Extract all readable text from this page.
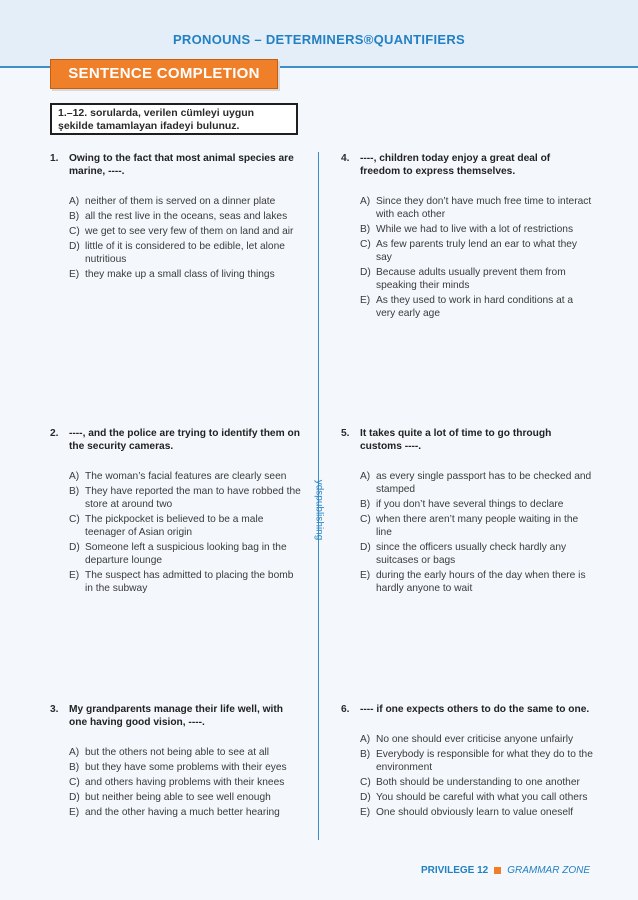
PRONOUNS – DETERMINERS®QUANTIFIERS
SENTENCE COMPLETION
1.–12. sorularda, verilen cümleyi uygun şekilde tamamlayan ifadeyi bulunuz.
ydspublishing
1. Owing to the fact that most animal species are marine, ----.
A) neither of them is served on a dinner plate
B) all the rest live in the oceans, seas and lakes
C) we get to see very few of them on land and air
D) little of it is considered to be edible, let alone nutritious
E) they make up a small class of living things
2. ----, and the police are trying to identify them on the security cameras.
A) The woman’s facial features are clearly seen
B) They have reported the man to have robbed the store at around two
C) The pickpocket is believed to be a male teenager of Asian origin
D) Someone left a suspicious looking bag in the departure lounge
E) The suspect has admitted to placing the bomb in the subway
3. My grandparents manage their life well, with one having good vision, ----.
A) but the others not being able to see at all
B) but they have some problems with their eyes
C) and others having problems with their knees
D) but neither being able to see well enough
E) and the other having a much better hearing
4. ----, children today enjoy a great deal of freedom to express themselves.
A) Since they don’t have much free time to interact with each other
B) While we had to live with a lot of restrictions
C) As few parents truly lend an ear to what they say
D) Because adults usually prevent them from speaking their minds
E) As they used to work in hard conditions at a very early age
5. It takes quite a lot of time to go through customs ----.
A) as every single passport has to be checked and stamped
B) if you don’t have several things to declare
C) when there aren’t many people waiting in the line
D) since the officers usually check hardly any suitcases or bags
E) during the early hours of the day when there is hardly anyone to wait
6. ---- if one expects others to do the same to one.
A) No one should ever criticise anyone unfairly
B) Everybody is responsible for what they do to the environment
C) Both should be understanding to one another
D) You should be careful with what you call others
E) One should obviously learn to value oneself
PRIVILEGE 12 GRAMMAR ZONE
